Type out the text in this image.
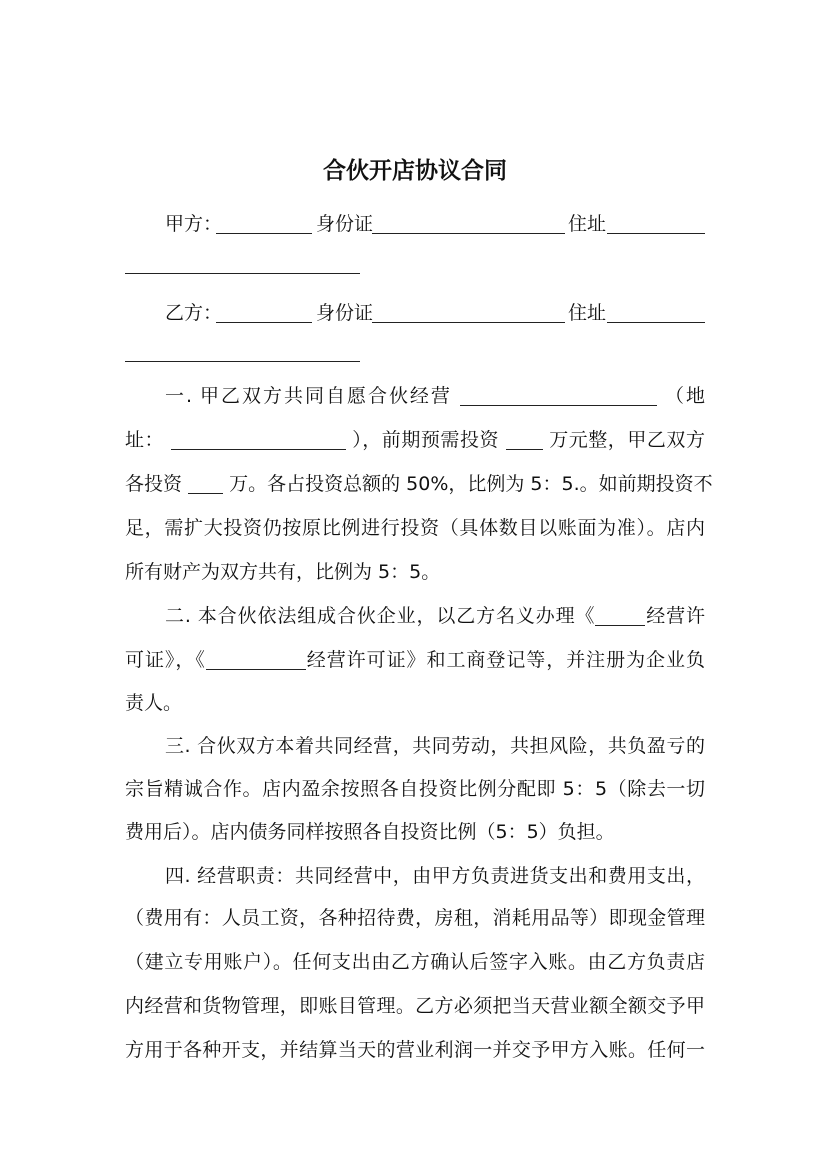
合伙开店协议合同
甲方：	身份证	住址
乙方：	身份证	住址
一. 甲乙双方共同自愿合伙经营	（地
址：	），前期预需投资	万元整，甲乙双方
各投资 万。各占投资总额的 50%，比例为 5：5.。如前期投资不
足，需扩大投资仍按原比例进行投资（具体数目以账面为准）。店内
所有财产为双方共有，比例为 5：5。
二. 本合伙依法组成合伙企业，以乙方名义办理《	经营许
可证》，《	经营许可证》和工商登记等，并注册为企业负
责人。
三. 合伙双方本着共同经营，共同劳动，共担风险，共负盈亏的
宗旨精诚合作。店内盈余按照各自投资比例分配即 5：5（除去一切
费用后）。店内债务同样按照各自投资比例（5：5）负担。
四. 经营职责：共同经营中，由甲方负责进货支出和费用支出，
（费用有：人员工资，各种招待费，房租，消耗用品等）即现金管理
（建立专用账户）。任何支出由乙方确认后签字入账。由乙方负责店
内经营和货物管理，即账目管理。乙方必须把当天营业额全额交予甲
方用于各种开支，并结算当天的营业利润一并交予甲方入账。任何一
